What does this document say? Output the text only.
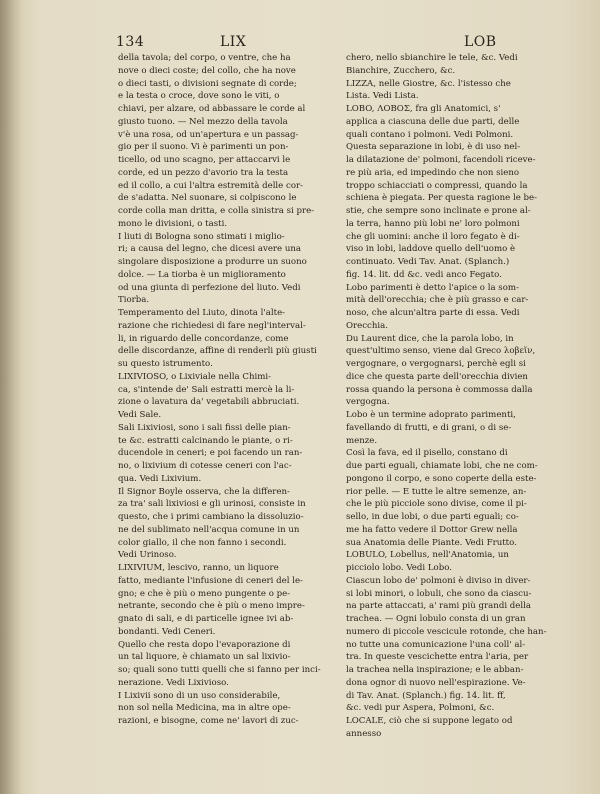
134	LIX	LOB
della tavola; del corpo, o ventre, che ha
nove o dieci coste; del collo, che ha nove
o dieci tasti, o divisioni segnate di corde;
e la testa o croce, dove sono le viti, o
chiavi, per alzare, od abbassare le corde al
giusto tuono. — Nel mezzo della tavola
v'è una rosa, od un'apertura e un passag-
gio per il suono. Vi è parimenti un pon-
ticello, od uno scagno, per attaccarvi le
corde, ed un pezzo d'avorio tra la testa
ed il collo, a cui l'altra estremità delle cor-
de s'adatta. Nel suonare, si colpiscono le
corde colla man dritta, e colla sinistra si pre-
mono le divisioni, o tasti.
I liuti di Bologna sono stimati i miglio-
ri; a causa del legno, che dicesi avere una
singolare disposizione a produrre un suono
dolce. — La tiorba è un miglioramento
od una giunta di perfezione del liuto. Vedi
Tiorba.
Temperamento del Liuto, dinota l'alte-
razione che richiedesi di fare negl'interval-
li, in riguardo delle concordanze, come
delle discordanze, affine di renderli più giusti
su questo istrumento.
LIXIVIOSO, o Lixiviale nella Chimi-
ca, s'intende de' Sali estratti mercè la li-
zione o lavatura da' vegetabili abbruciati.
Vedi Sale.
Sali Lixiviosi, sono i sali fissi delle pian-
te &c. estratti calcinando le piante, o ri-
ducendole in ceneri; e poi facendo un ran-
no, o lixivium di cotesse ceneri con l'ac-
qua. Vedi Lixivium.
Il Signor Boyle osserva, che la differen-
za tra' sali lixiviosi e gli urinosi, consiste in
questo, che i primi cambiano la dissoluzio-
ne del sublimato nell'acqua comune in un
color giallo, il che non fanno i secondi.
Vedi Urinoso.
LIXIVIUM, lescivo, ranno, un liquore
fatto, mediante l'infusione di ceneri del le-
gno; e che è più o meno pungente o pe-
netrante, secondo che è più o meno impre-
gnato di sali, e di particelle ignee ivi ab-
bondanti. Vedi Ceneri.
Quello che resta dopo l'evaporazione di
un tal liquore, è chiamato un sal lixivio-
so; quali sono tutti quelli che si fanno per inci-
nerazione. Vedi Lixivioso.
I Lixivii sono di un uso considerabile,
non sol nella Medicina, ma in altre ope-
razioni, e bisogne, come ne' lavori di zuc-
chero, nello sbianchire le tele, &c. Vedi
Bianchire, Zucchero, &c.
LIZZA, nelle Giostre, &c. l'istesso che
Lista. Vedi Lista.
LOBO, ΛΟΒΟΣ, fra gli Anatomici, s'
applica a ciascuna delle due parti, delle
quali contano i polmoni. Vedi Polmoni.
Questa separazione in lobi, è di uso nel-
la dilatazione de' polmoni, facendoli riceve-
re più aria, ed impedindo che non sieno
troppo schiacciati o compressi, quando la
schiena è piegata. Per questa ragione le be-
stie, che sempre sono inclinate e prone al-
la terra, hanno più lobi ne' loro polmoni
che gli uomini: anche il loro fegato è di-
viso in lobi, laddove quello dell'uomo è
continuato. Vedi Tav. Anat. (Splanch.)
fig. 14. lit. dd &c. vedi anco Fegato.
Lobo parimenti è detto l'apice o la som-
mità dell'orecchia; che è più grasso e car-
noso, che alcun'altra parte di essa. Vedi
Orecchia.
Du Laurent dice, che la parola lobo, in
quest'ultimo senso, viene dal Greco λοβεῖν,
vergognare, o vergognarsi, perchè egli si
dice che questa parte dell'orecchia divien
rossa quando la persona è commossa dalla
vergogna.
Lobo è un termine adoprato parimenti,
favellando di frutti, e di grani, o di se-
menze.
Così la fava, ed il pisello, constano di
due parti eguali, chiamate lobi, che ne com-
pongono il corpo, e sono coperte della este-
rior pelle. — E tutte le altre semenze, an-
che le più picciole sono divise, come il pi-
sello, in due lobi, o due parti eguali; co-
me ha fatto vedere il Dottor Grew nella
sua Anatomia delle Piante. Vedi Frutto.
LOBULO, Lobellus, nell'Anatomia, un
picciolo lobo. Vedi Lobo.
Ciascun lobo de' polmoni è diviso in diver-
si lobi minori, o lobuli, che sono da ciascu-
na parte attaccati, a' rami più grandi della
trachea. — Ogni lobulo consta di un gran
numero di piccole vescicule rotonde, che han-
no tutte una comunicazione l'una coll' al-
tra. In queste vescichette entra l'aria, per
la trachea nella inspirazione; e le abban-
dona ognor di nuovo nell'espirazione. Ve-
di Tav. Anat. (Splanch.) fig. 14. lit. ff,
&c. vedi pur Aspera, Polmoni, &c.
LOCALE, ciò che si suppone legato od
annesso
